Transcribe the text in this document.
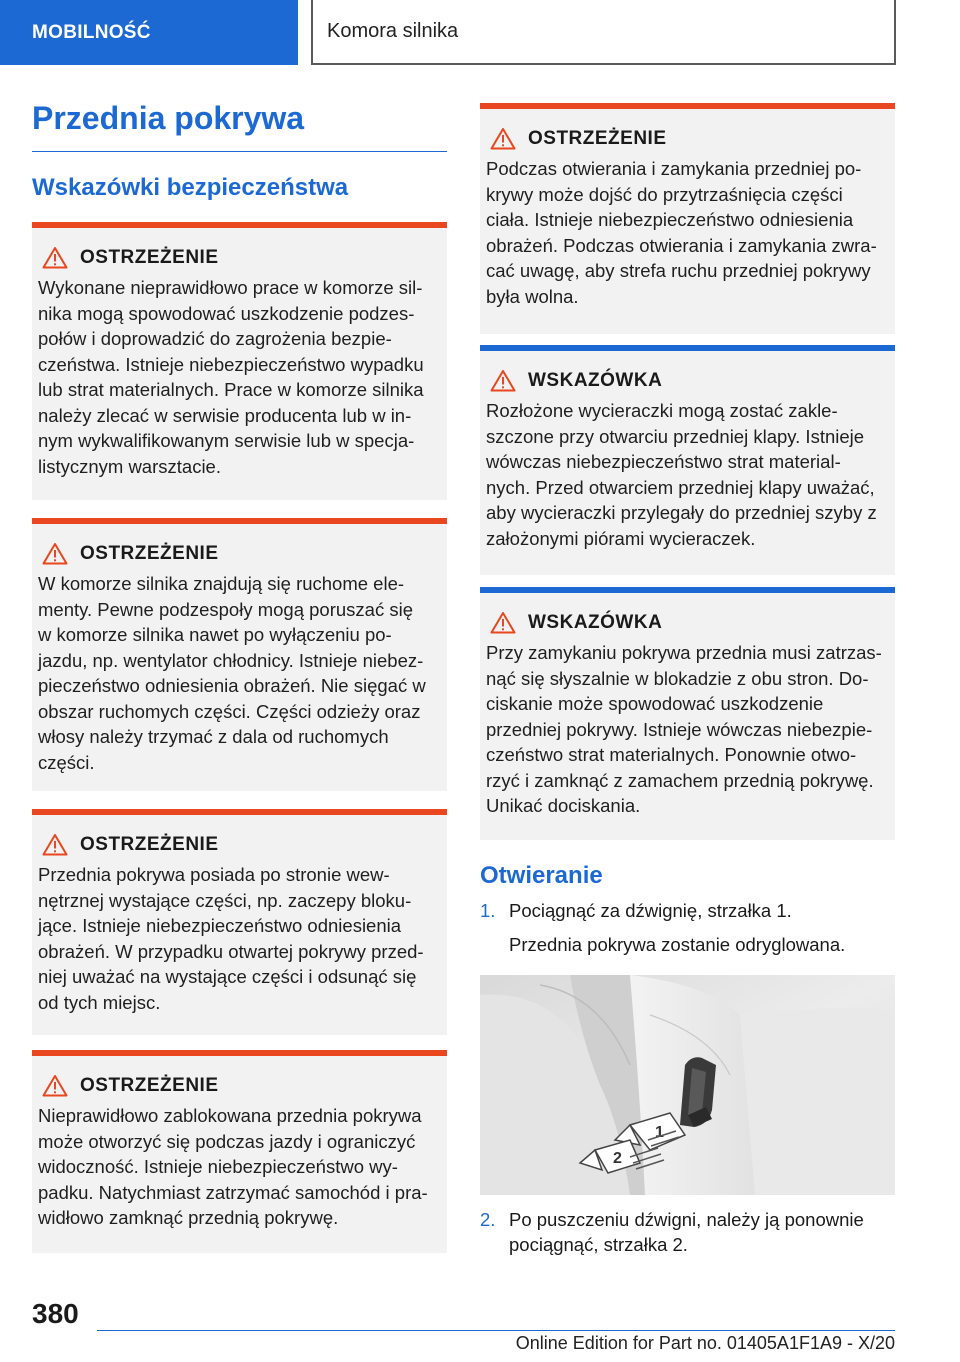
MOBILNOŚĆ	Komora silnika
Przednia pokrywa
Wskazówki bezpieczeństwa
OSTRZEŻENIE
Wykonane nieprawidłowo prace w komorze sil-
nika mogą spowodować uszkodzenie podzes-
połów i doprowadzić do zagrożenia bezpie-
czeństwa. Istnieje niebezpieczeństwo wypadku
lub strat materialnych. Prace w komorze silnika
należy zlecać w serwisie producenta lub w in-
nym wykwalifikowanym serwisie lub w specja-
listycznym warsztacie.
OSTRZEŻENIE
W komorze silnika znajdują się ruchome ele-
menty. Pewne podzespoły mogą poruszać się
w komorze silnika nawet po wyłączeniu po-
jazdu, np. wentylator chłodnicy. Istnieje niebez-
pieczeństwo odniesienia obrażeń. Nie sięgać w
obszar ruchomych części. Części odzieży oraz
włosy należy trzymać z dala od ruchomych
części.
OSTRZEŻENIE
Przednia pokrywa posiada po stronie wew-
nętrznej wystające części, np. zaczepy bloku-
jące. Istnieje niebezpieczeństwo odniesienia
obrażeń. W przypadku otwartej pokrywy przed-
niej uważać na wystające części i odsunąć się
od tych miejsc.
OSTRZEŻENIE
Nieprawidłowo zablokowana przednia pokrywa
może otworzyć się podczas jazdy i ograniczyć
widoczność. Istnieje niebezpieczeństwo wy-
padku. Natychmiast zatrzymać samochód i pra-
widłowo zamknąć przednią pokrywę.
OSTRZEŻENIE
Podczas otwierania i zamykania przedniej po-
krywy może dojść do przytrzaśnięcia części
ciała. Istnieje niebezpieczeństwo odniesienia
obrażeń. Podczas otwierania i zamykania zwra-
cać uwagę, aby strefa ruchu przedniej pokrywy
była wolna.
WSKAZÓWKA
Rozłożone wycieraczki mogą zostać zakle-
szczone przy otwarciu przedniej klapy. Istnieje
wówczas niebezpieczeństwo strat material-
nych. Przed otwarciem przedniej klapy uważać,
aby wycieraczki przylegały do przedniej szyby z
założonymi piórami wycieraczek.
WSKAZÓWKA
Przy zamykaniu pokrywa przednia musi zatrzas-
nąć się słyszalnie w blokadzie z obu stron. Do-
ciskanie może spowodować uszkodzenie
przedniej pokrywy. Istnieje wówczas niebezpie-
czeństwo strat materialnych. Ponownie otwo-
rzyć i zamknąć z zamachem przednią pokrywę.
Unikać dociskania.
Otwieranie
1. Pociągnąć za dźwignię, strzałka 1.
Przednia pokrywa zostanie odryglowana.
1
2
2. Po puszczeniu dźwigni, należy ją ponownie
pociągnąć, strzałka 2.
380
Online Edition for Part no. 01405A1F1A9 - X/20
